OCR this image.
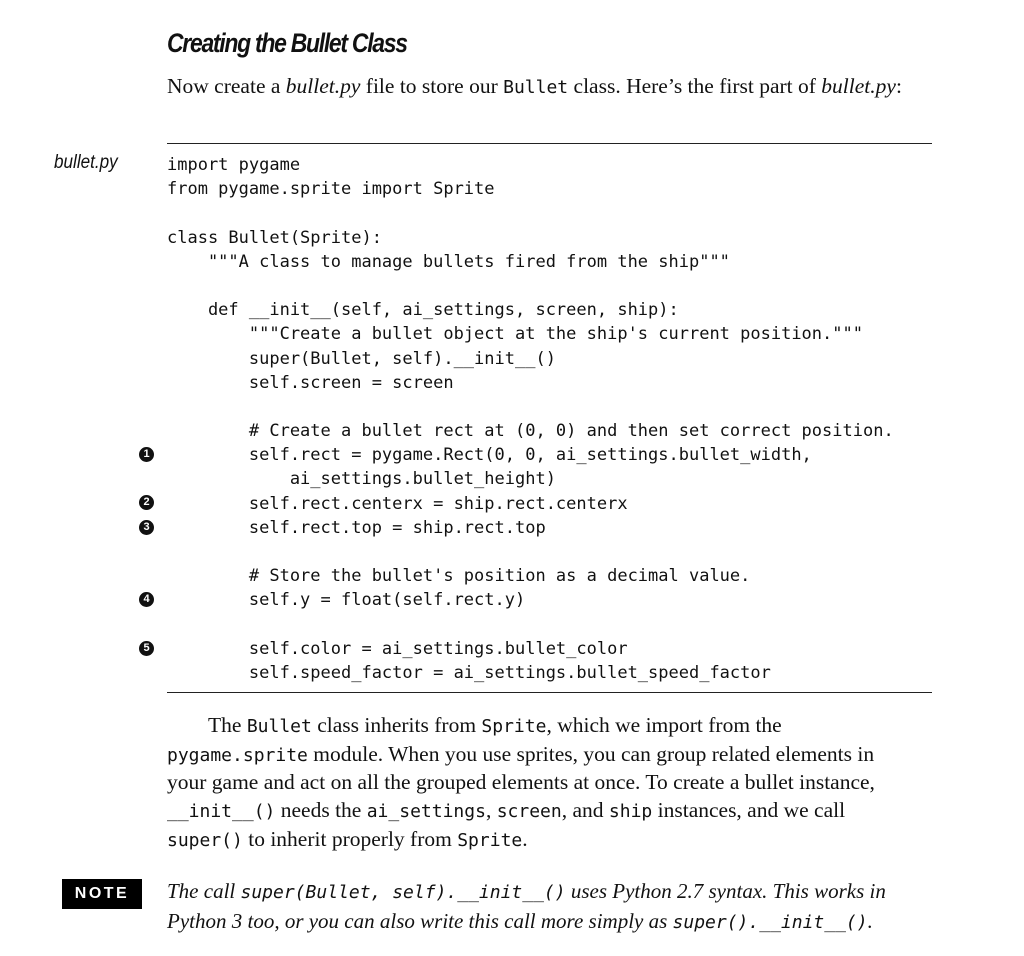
Creating the Bullet Class
Now create a bullet.py file to store our Bullet class. Here’s the first part of bullet.py:
bullet.py	import pygame
from pygame.sprite import Sprite
class Bullet(Sprite):
"""A class to manage bullets fired from the ship"""
def __init__(self, ai_settings, screen, ship):
"""Create a bullet object at the ship's current position."""
super(Bullet, self).__init__()
self.screen = screen
# Create a bullet rect at (0, 0) and then set correct position.
self.rect = pygame.Rect(0, 0, ai_settings.bullet_width,
ai_settings.bullet_height)
self.rect.centerx = ship.rect.centerx
self.rect.top = ship.rect.top
# Store the bullet's position as a decimal value.
self.y = float(self.rect.y)
self.color = ai_settings.bullet_color
self.speed_factor = ai_settings.bullet_speed_factor
1
2
3
4
5
The Bullet class inherits from Sprite, which we import from the pygame.sprite module. When you use sprites, you can group related elements in your game and act on all the grouped elements at once. To create a bullet instance, __init__() needs the ai_settings, screen, and ship instances, and we call super() to inherit properly from Sprite.
NOTE	The call super(Bullet, self).__init__() uses Python 2.7 syntax. This works in Python 3 too, or you can also write this call more simply as super().__init__().
